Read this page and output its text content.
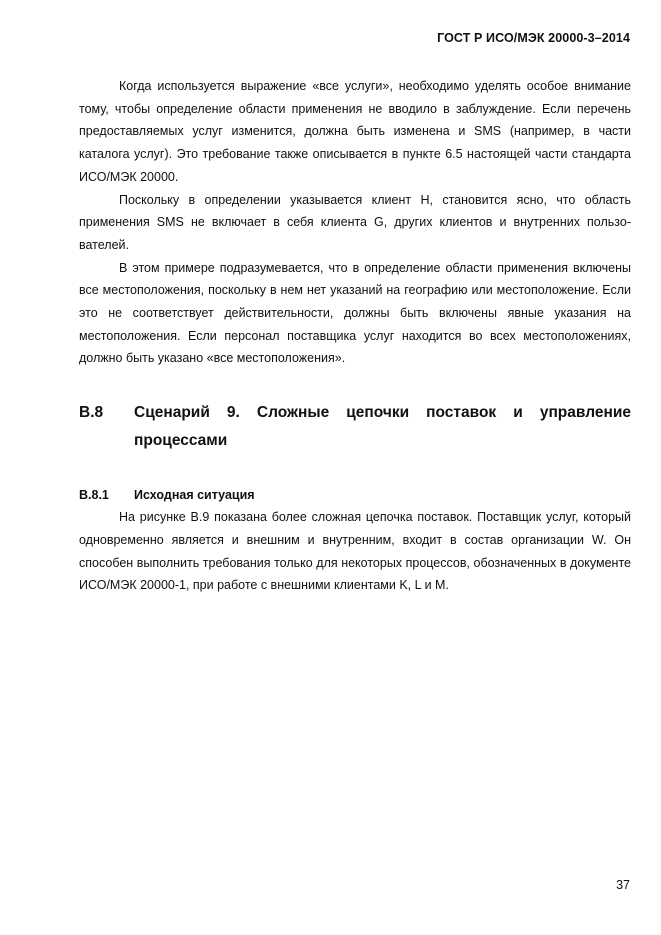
ГОСТ Р ИСО/МЭК 20000-3–2014

Когда используется выражение «все услуги», необходимо уделять особое внимание тому, чтобы определение области применения не вводило в заблуждение. Если перечень предоставляемых услуг изменится, должна быть изменена и SMS (например, в части каталога услуг). Это требование также описывается в пункте 6.5 настоящей части стандарта ИСО/МЭК 20000.

Поскольку в определении указывается клиент H, становится ясно, что область применения SMS не включает в себя клиента G, других клиентов и внутренних пользователей.

В этом примере подразумевается, что в определение области применения включены все местоположения, поскольку в нем нет указаний на географию или местоположение. Если это не соответствует действительности, должны быть включены явные указания на местоположения. Если персонал поставщика услуг находится во всех местоположениях, должно быть указано «все местоположения».

B.8	Сценарий 9. Сложные цепочки поставок и управление процессами
B.8.1	Исходная ситуация

На рисунке B.9 показана более сложная цепочка поставок. Поставщик услуг, который одновременно является и внешним и внутренним, входит в состав организации W. Он способен выполнить требования только для некоторых процессов, обозначенных в документе ИСО/МЭК 20000-1, при работе с внешними клиентами K, L и M.

37
